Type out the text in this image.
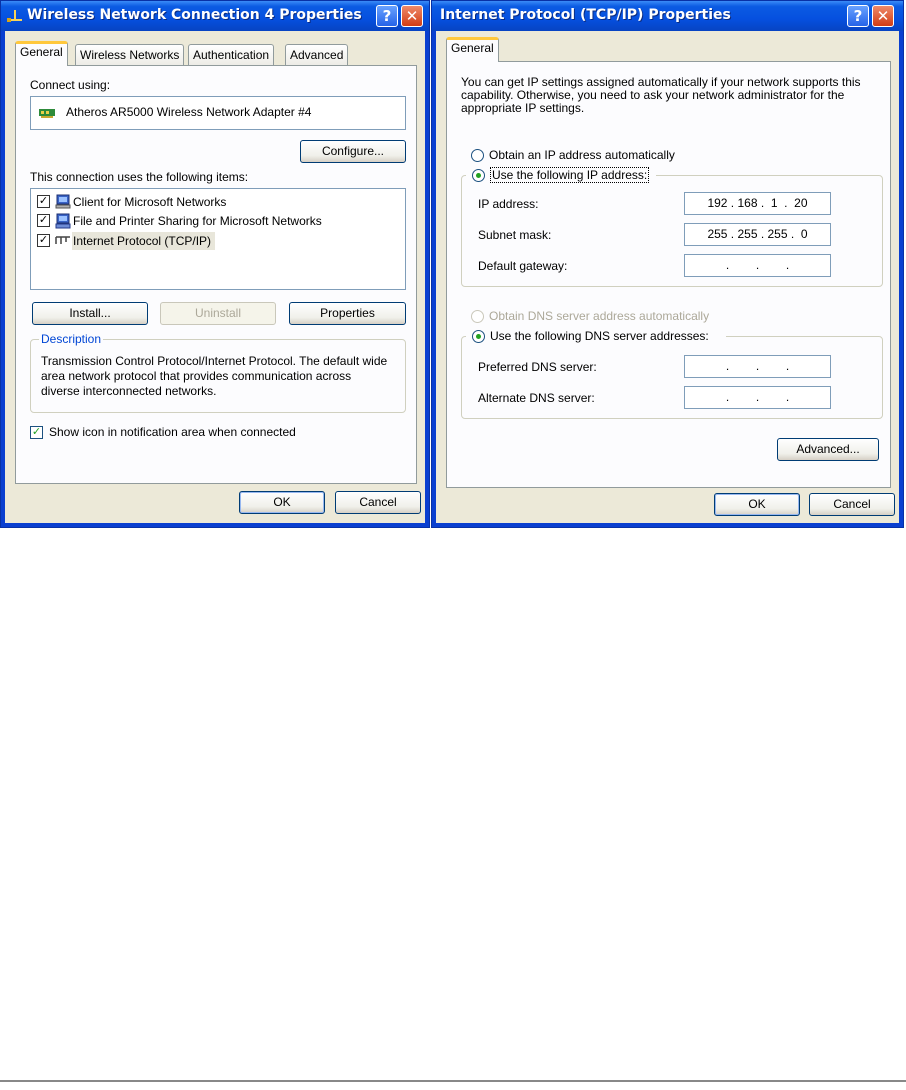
Wireless Network Connection 4 Properties	? ✕
General	Wireless Networks	Authentication	Advanced
Connect using:
Atheros AR5000 Wireless Network Adapter #4
Configure...
This connection uses the following items:
✓ Client for Microsoft Networks
✓ File and Printer Sharing for Microsoft Networks
✓ Internet Protocol (TCP/IP)
Install...	Uninstall	Properties
Description
Transmission Control Protocol/Internet Protocol. The default wide area network protocol that provides communication across diverse interconnected networks.
✓ Show icon in notification area when connected
OK	Cancel
Internet Protocol (TCP/IP) Properties	? ✕
General
You can get IP settings assigned automatically if your network supports this capability. Otherwise, you need to ask your network administrator for the appropriate IP settings.
Obtain an IP address automatically
Use the following IP address:
IP address:	192 . 168 .  1  .  20
Subnet mask:	255 . 255 . 255 .  0
Default gateway:	.        .        .
Obtain DNS server address automatically
Use the following DNS server addresses:
Preferred DNS server:	.        .        .
Alternate DNS server:	.        .        .
Advanced...
OK	Cancel
